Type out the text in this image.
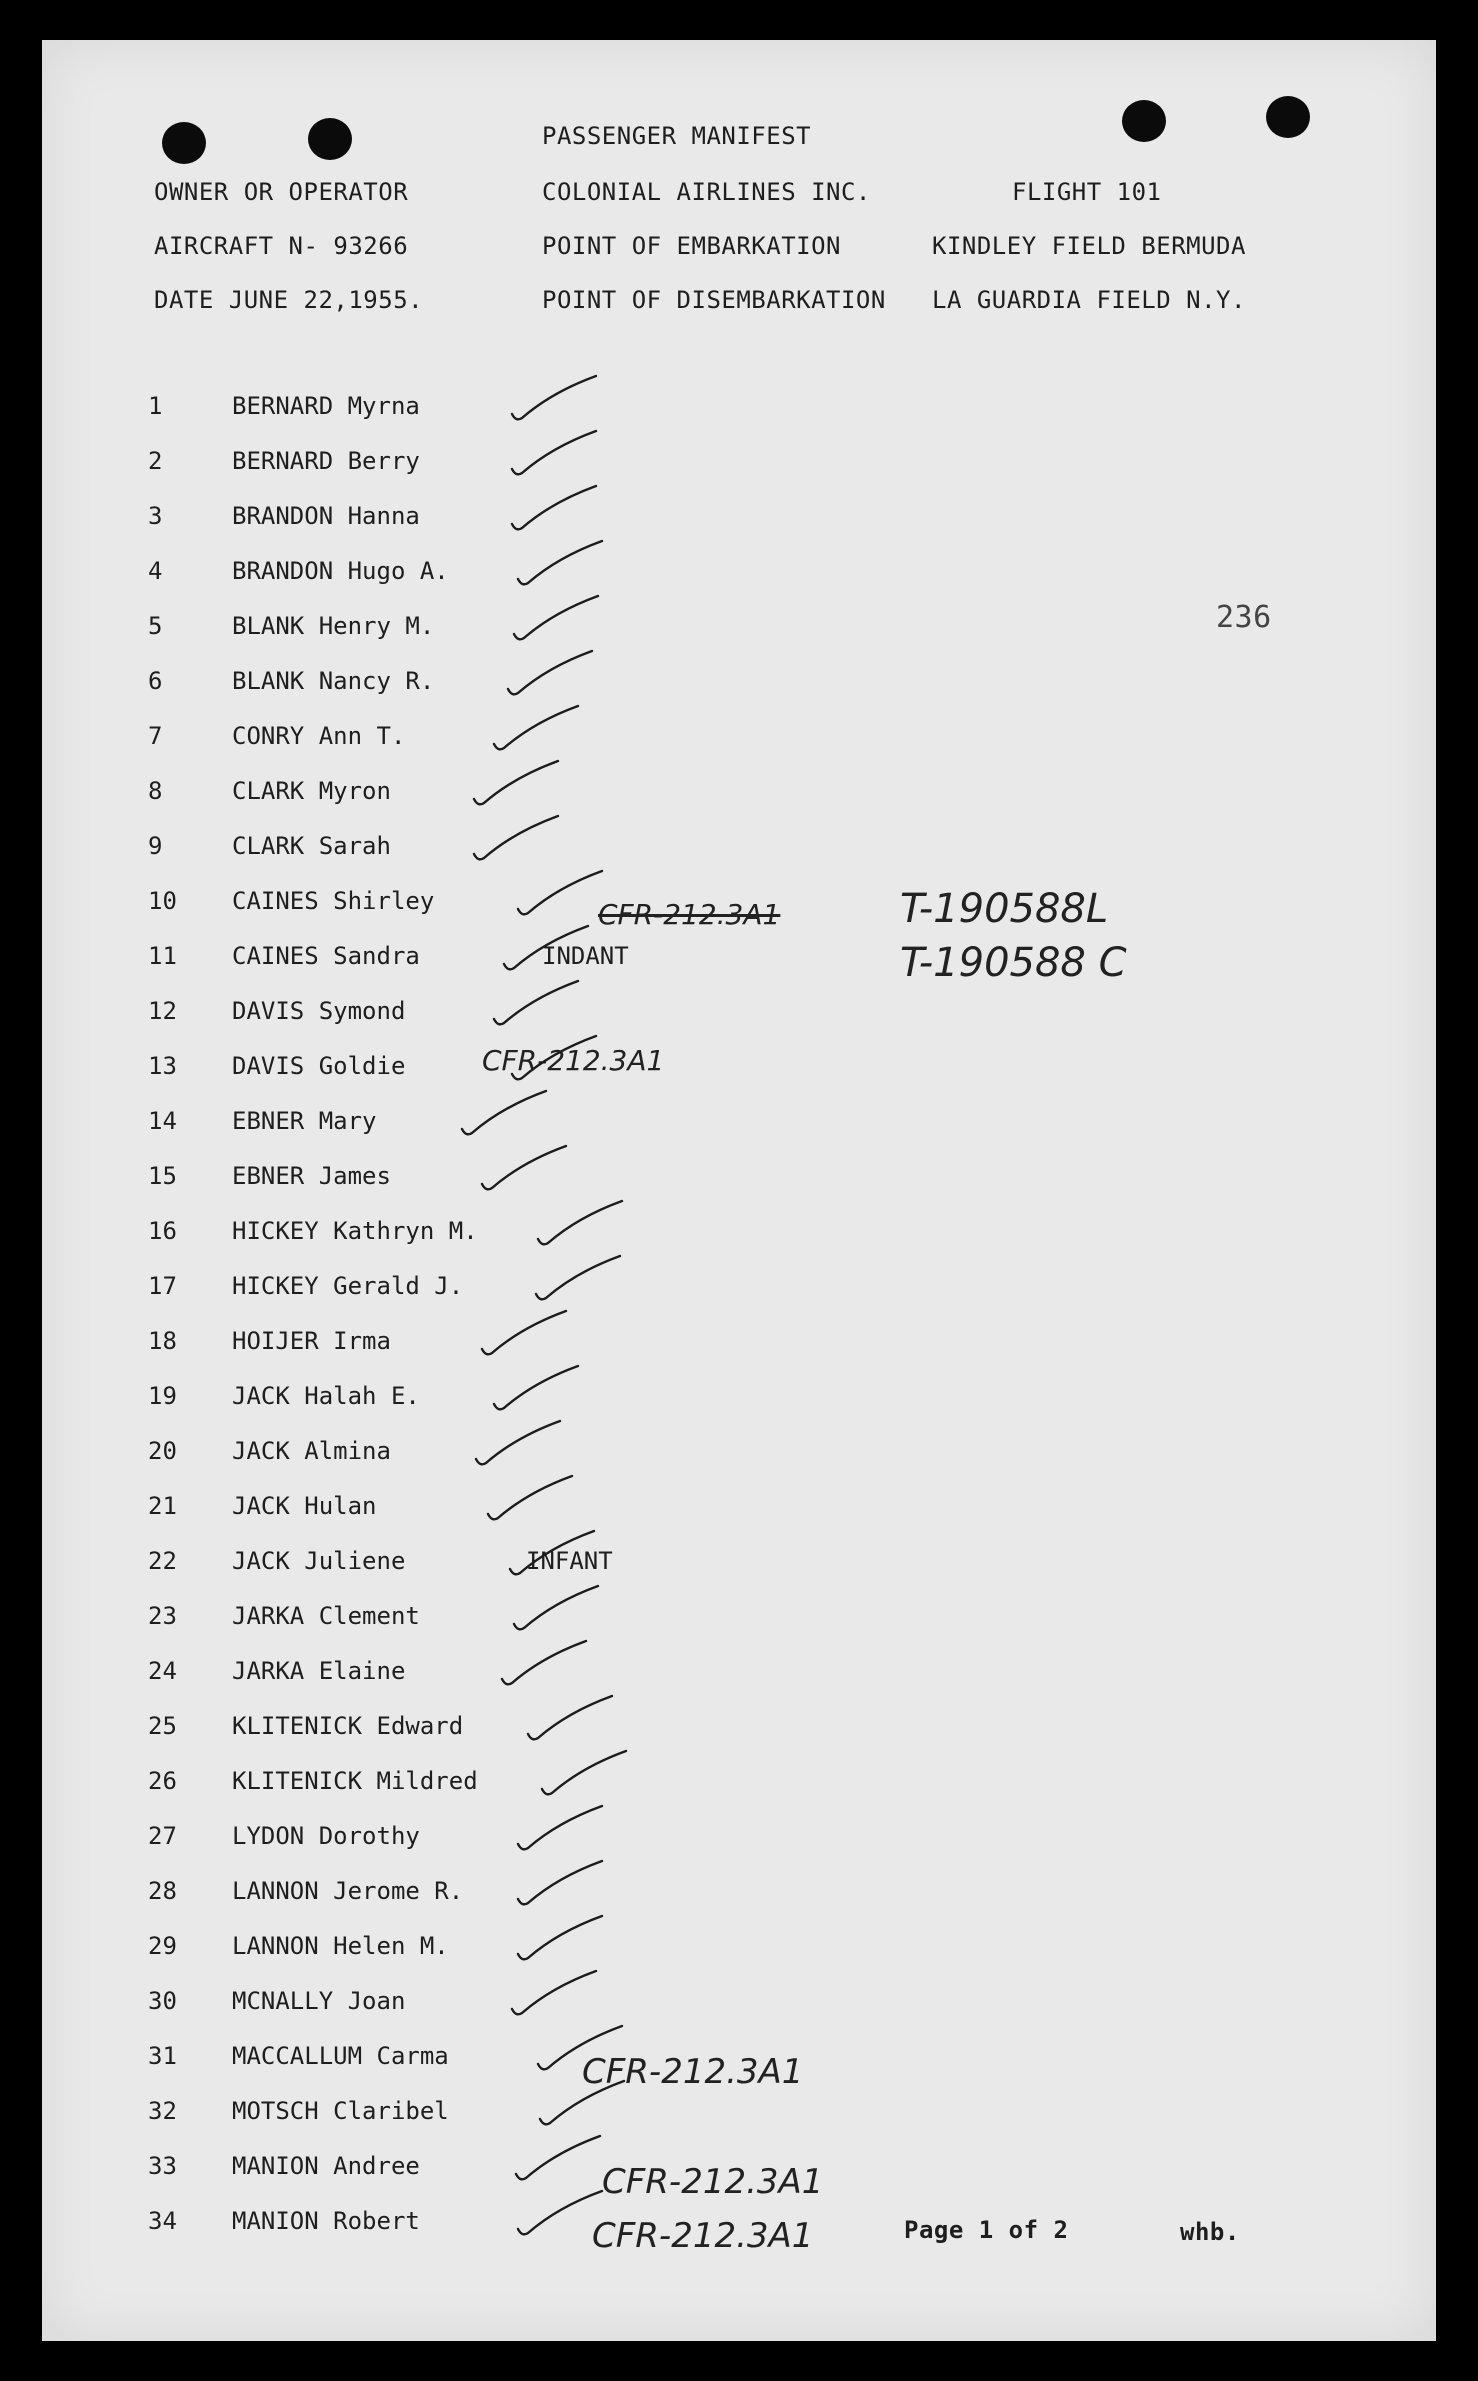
PASSENGER MANIFEST
OWNER OR OPERATOR	COLONIAL AIRLINES INC.	FLIGHT 101
AIRCRAFT N- 93266	POINT OF EMBARKATION	KINDLEY FIELD BERMUDA
DATE JUNE 22,1955.	POINT OF DISEMBARKATION LA GUARDIA FIELD N.Y.
236
1	BERNARD Myrna
2	BERNARD Berry
3	BRANDON Hanna
4	BRANDON Hugo A.
5	BLANK Henry M.
6	BLANK Nancy R.
7	CONRY Ann T.
8	CLARK Myron
9	CLARK Sarah
10	CAINES Shirley
11	CAINES Sandra	INDANT
12	DAVIS Symond
13	DAVIS Goldie
14	EBNER Mary
15	EBNER James
16	HICKEY Kathryn M.
17	HICKEY Gerald J.
18	HOIJER Irma
19	JACK Halah E.
20	JACK Almina
21	JACK Hulan
22	JACK Juliene	INFANT
23	JARKA Clement
24	JARKA Elaine
25	KLITENICK Edward
26	KLITENICK Mildred
27	LYDON Dorothy
28	LANNON Jerome R.
29	LANNON Helen M.
30	MCNALLY Joan
31	MACCALLUM Carma
32	MOTSCH Claribel
33	MANION Andree
34	MANION Robert
CFR-212.3A1	T-190588L
T-190588 C
CFR-212.3A1
CFR-212.3A1
CFR-212.3A1
CFR-212.3A1	Page 1 of 2	whb.
